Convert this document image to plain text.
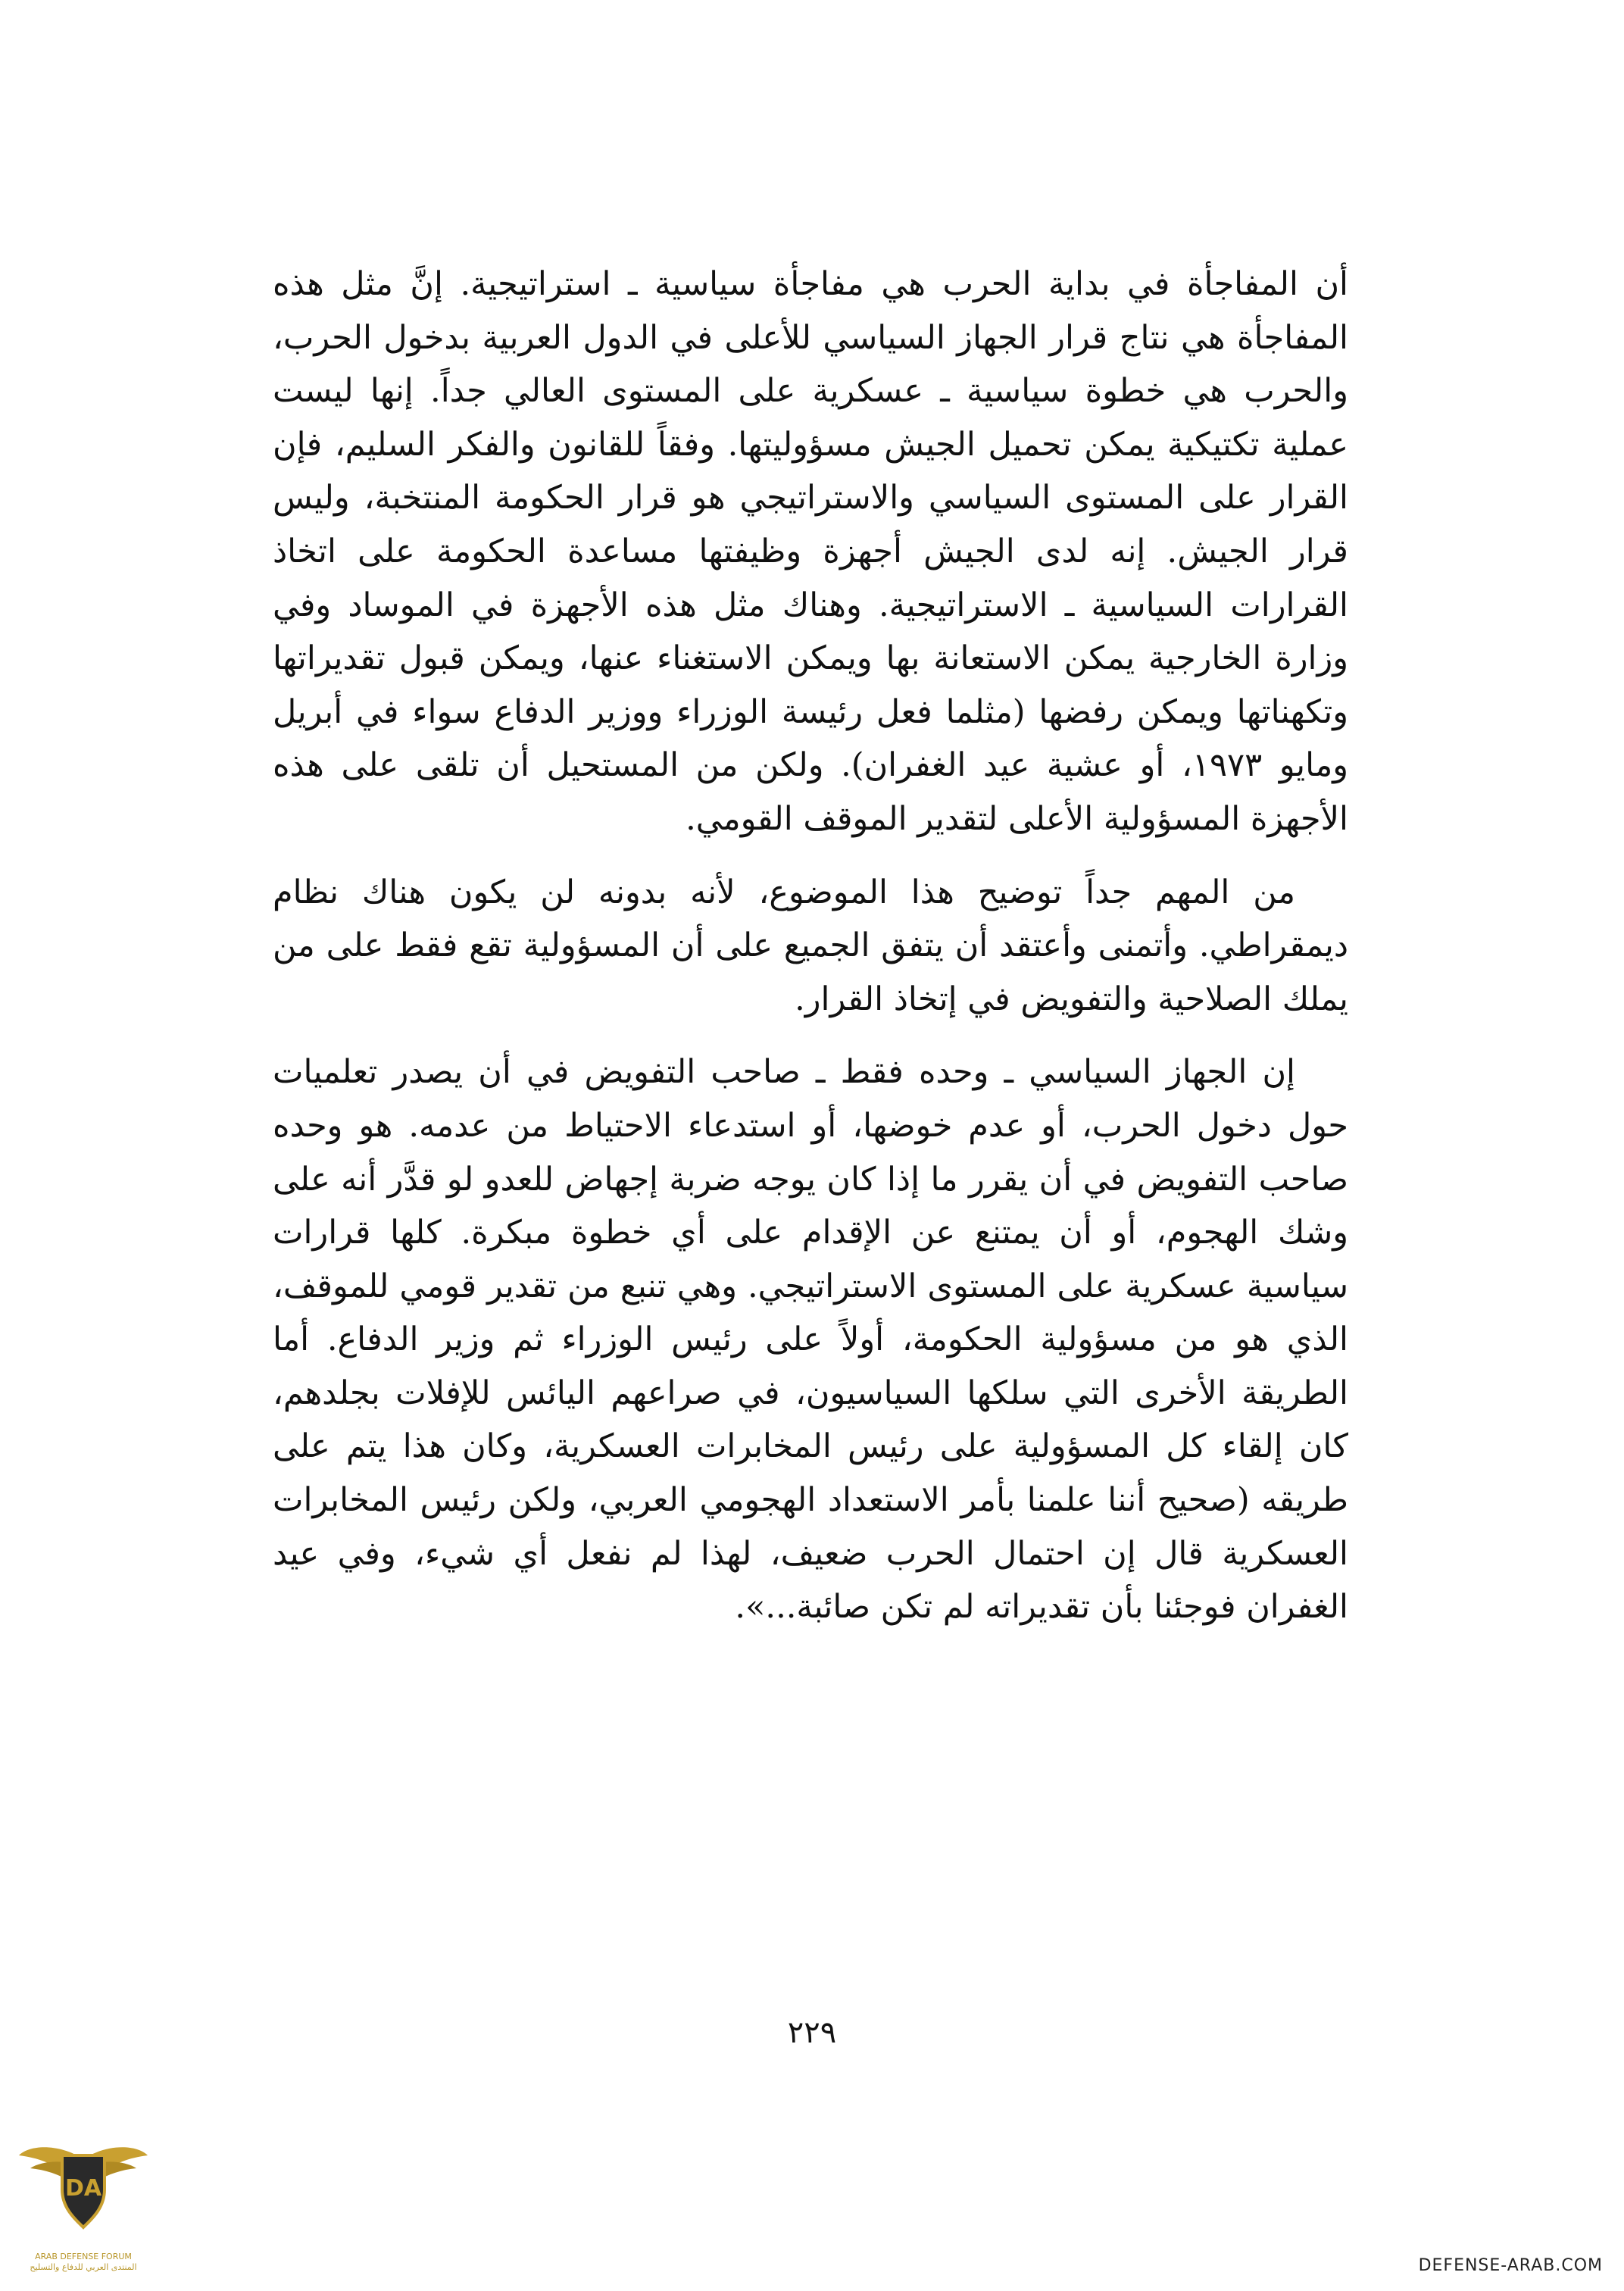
أن المفاجأة في بداية الحرب هي مفاجأة سياسية ـ استراتيجية. إنَّ مثل هذه المفاجأة هي نتاج قرار الجهاز السياسي للأعلى في الدول العربية بدخول الحرب، والحرب هي خطوة سياسية ـ عسكرية على المستوى العالي جداً. إنها ليست عملية تكتيكية يمكن تحميل الجيش مسؤوليتها. وفقاً للقانون والفكر السليم، فإن القرار على المستوى السياسي والاستراتيجي هو قرار الحكومة المنتخبة، وليس قرار الجيش. إنه لدى الجيش أجهزة وظيفتها مساعدة الحكومة على اتخاذ القرارات السياسية ـ الاستراتيجية. وهناك مثل هذه الأجهزة في الموساد وفي وزارة الخارجية يمكن الاستعانة بها ويمكن الاستغناء عنها، ويمكن قبول تقديراتها وتكهناتها ويمكن رفضها (مثلما فعل رئيسة الوزراء ووزير الدفاع سواء في أبريل ومايو ١٩٧٣، أو عشية عيد الغفران). ولكن من المستحيل أن تلقى على هذه الأجهزة المسؤولية الأعلى لتقدير الموقف القومي.

من المهم جداً توضيح هذا الموضوع، لأنه بدونه لن يكون هناك نظام ديمقراطي. وأتمنى وأعتقد أن يتفق الجميع على أن المسؤولية تقع فقط على من يملك الصلاحية والتفويض في إتخاذ القرار.

إن الجهاز السياسي ـ وحده فقط ـ صاحب التفويض في أن يصدر تعلميات حول دخول الحرب، أو عدم خوضها، أو استدعاء الاحتياط من عدمه. هو وحده صاحب التفويض في أن يقرر ما إذا كان يوجه ضربة إجهاض للعدو لو قدَّر أنه على وشك الهجوم، أو أن يمتنع عن الإقدام على أي خطوة مبكرة. كلها قرارات سياسية عسكرية على المستوى الاستراتيجي. وهي تنبع من تقدير قومي للموقف، الذي هو من مسؤولية الحكومة، أولاً على رئيس الوزراء ثم وزير الدفاع. أما الطريقة الأخرى التي سلكها السياسيون، في صراعهم اليائس للإفلات بجلدهم، كان إلقاء كل المسؤولية على رئيس المخابرات العسكرية، وكان هذا يتم على طريقه (صحيح أننا علمنا بأمر الاستعداد الهجومي العربي، ولكن رئيس المخابرات العسكرية قال إن احتمال الحرب ضعيف، لهذا لم نفعل أي شيء، وفي عيد الغفران فوجئنا بأن تقديراته لم تكن صائبة...».

٢٢٩
DA
ARAB DEFENSE FORUM
المنتدى العربي للدفاع والتسليح	DEFENSE-ARAB.COM
